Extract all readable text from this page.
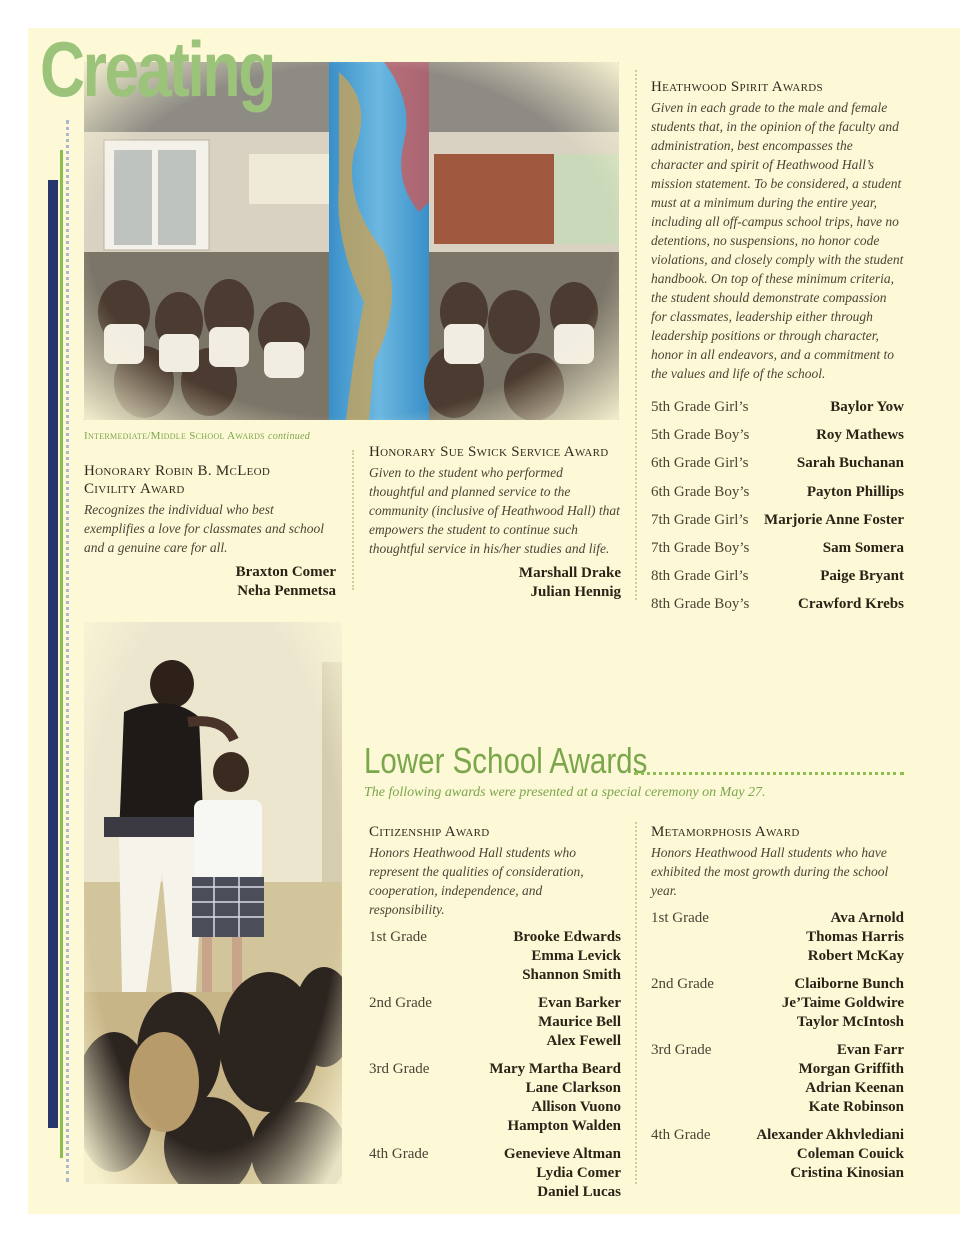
Creating
Intermediate/Middle School Awards continued
Honorary Robin B. McLeod
Civility Award
Recognizes the individual who best exemplifies a love for classmates and school and a genuine care for all.
Braxton Comer
Neha Penmetsa
Honorary Sue Swick Service Award
Given to the student who performed thoughtful and planned service to the community (inclusive of Heathwood Hall) that empowers the student to continue such thoughtful service in his/her studies and life.
Marshall Drake
Julian Hennig
Heathwood Spirit Awards
Given in each grade to the male and female students that, in the opinion of the faculty and administration, best encompasses the character and spirit of Heathwood Hall’s mission statement. To be considered, a student must at a minimum during the entire year, including all off-campus school trips, have no detentions, no suspensions, no honor code violations, and closely comply with the student handbook. On top of these minimum criteria, the student should demonstrate compassion for classmates, leadership either through leadership positions or through character, honor in all endeavors, and a commitment to the values and life of the school.
5th Grade Girl’s	Baylor Yow
5th Grade Boy’s	Roy Mathews
6th Grade Girl’s	Sarah Buchanan
6th Grade Boy’s	Payton Phillips
7th Grade Girl’s Marjorie Anne Foster
7th Grade Boy’s	Sam Somera
8th Grade Girl’s	Paige Bryant
8th Grade Boy’s	Crawford Krebs
Lower School Awards
The following awards were presented at a special ceremony on May 27.
Citizenship Award
Honors Heathwood Hall students who represent the qualities of consideration, cooperation, independence, and responsibility.
1st Grade	Brooke Edwards
Emma Levick
Shannon Smith
2nd Grade	Evan Barker
Maurice Bell
Alex Fewell
3rd Grade	Mary Martha Beard
Lane Clarkson
Allison Vuono
Hampton Walden
4th Grade	Genevieve Altman
Lydia Comer
Daniel Lucas
Metamorphosis Award
Honors Heathwood Hall students who have exhibited the most growth during the school year.
1st Grade	Ava Arnold
Thomas Harris
Robert McKay
2nd Grade	Claiborne Bunch
Je’Taime Goldwire
Taylor McIntosh
3rd Grade	Evan Farr
Morgan Griffith
Adrian Keenan
Kate Robinson
4th Grade	Alexander Akhvlediani
Coleman Couick
Cristina Kinosian
